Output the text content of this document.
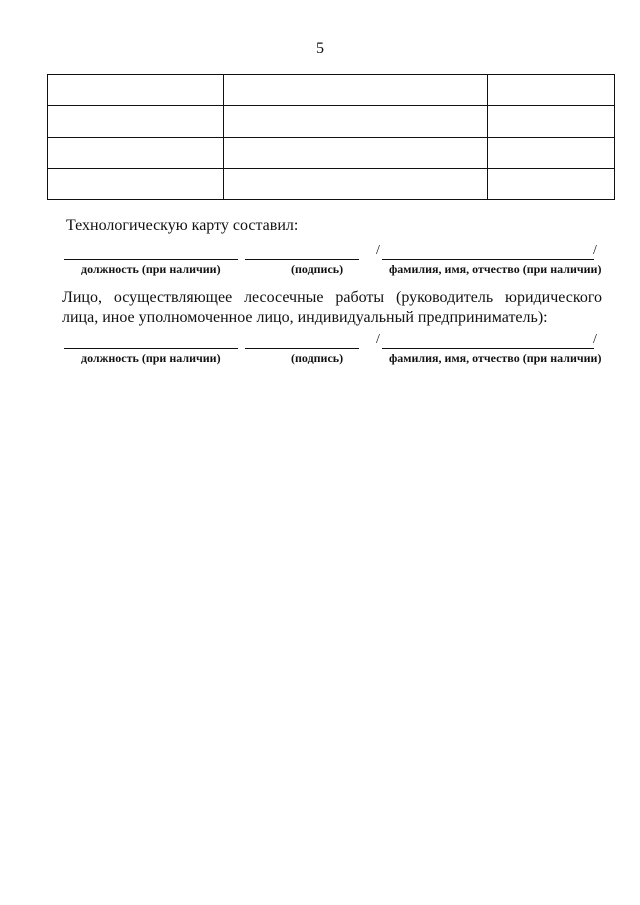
5

Технологическую карту составил:
/	/
должность (при наличии)	(подпись)	фамилия, имя, отчество (при наличии)
Лицо, осуществляющее лесосечные работы (руководитель юридического лица, иное уполномоченное лицо, индивидуальный предприниматель):
/	/
должность (при наличии)	(подпись)	фамилия, имя, отчество (при наличии)
